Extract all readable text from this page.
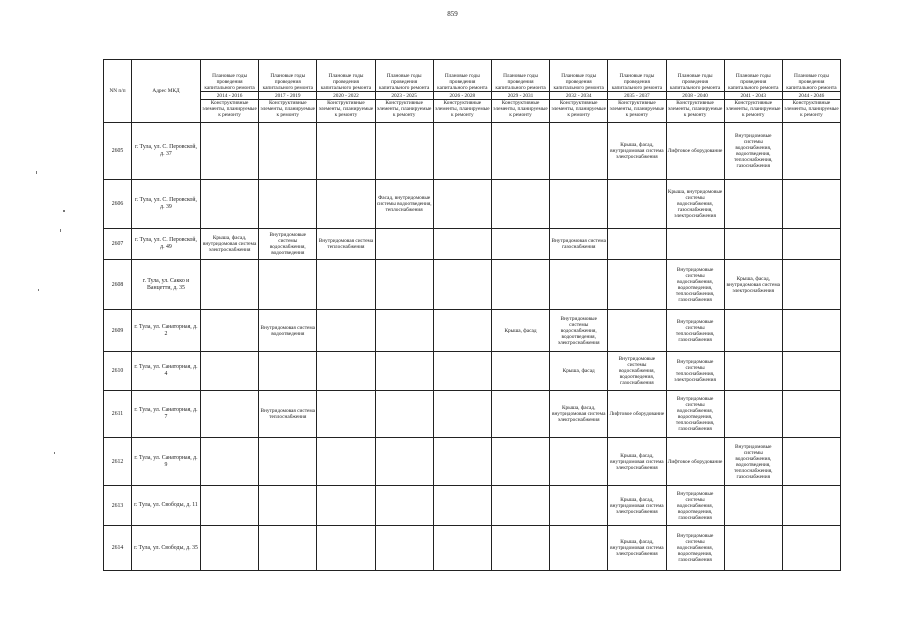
859
NN п/п	Адрес МКД	Плановые годы проведения капитального ремонта	Плановые годы проведения капитального ремонта	Плановые годы проведения капитального ремонта	Плановые годы проведения капитального ремонта	Плановые годы проведения капитального ремонта	Плановые годы проведения капитального ремонта	Плановые годы проведения капитального ремонта	Плановые годы проведения капитального ремонта	Плановые годы проведения капитального ремонта	Плановые годы проведения капитального ремонта	Плановые годы проведения капитального ремонта
		2014 - 2016	2017 - 2019	2020 - 2022	2023 - 2025	2026 - 2028	2029 - 2031	2032 - 2034	2035 - 2037	2038 - 2040	2041 - 2043	2044 - 2046
		Конструктивные элементы, планируемые к ремонту	Конструктивные элементы, планируемые к ремонту	Конструктивные элементы, планируемые к ремонту	Конструктивные элементы, планируемые к ремонту	Конструктивные элементы, планируемые к ремонту	Конструктивные элементы, планируемые к ремонту	Конструктивные элементы, планируемые к ремонту	Конструктивные элементы, планируемые к ремонту	Конструктивные элементы, планируемые к ремонту	Конструктивные элементы, планируемые к ремонту	Конструктивные элементы, планируемые к ремонту
2605	г. Тула, ул. С. Перовской, д. 37								Крыша, фасад, внутридомовая система электроснабжения	Лифтовое оборудование	Внутридомовые системы водоснабжения, водоотведения, теплоснабжения, газоснабжения	
2606	г. Тула, ул. С. Перовской, д. 39				Фасад, внутридомовые системы водоотведения, теплоснабжения					Крыша, внутридомовые системы водоснабжения, газоснабжения, электроснабжения		
2607	г. Тула, ул. С. Перовской, д. 49	Крыша, фасад, внутридомовая система электроснабжения	Внутридомовые системы водоснабжения, водоотведения	Внутридомовая система теплоснабжения				Внутридомовая система газоснабжения				
2608	г. Тула, ул. Сакко и Ванцетти, д. 35									Внутридомовые системы водоснабжения, водоотведения, теплоснабжения, газоснабжения	Крыша, фасад, внутридомовая система электроснабжения	
2609	г. Тула, ул. Санаторная, д. 2		Внутридомовая система водоотведения				Крыша, фасад	Внутридомовые системы водоснабжения, водоотведения, электроснабжения		Внутридомовые системы теплоснабжения, газоснабжения		
2610	г. Тула, ул. Санаторная, д. 4							Крыша, фасад	Внутридомовые системы водоснабжения, водоотведения, газоснабжения	Внутридомовые системы теплоснабжения, электроснабжения		
2611	г. Тула, ул. Санаторная, д. 7		Внутридомовая система теплоснабжения					Крыша, фасад, внутридомовая система электроснабжения	Лифтовое оборудование	Внутридомовые системы водоснабжения, водоотведения, теплоснабжения, газоснабжения		
2612	г. Тула, ул. Санаторная, д. 9								Крыша, фасад, внутридомовая система электроснабжения	Лифтовое оборудование	Внутридомовые системы водоснабжения, водоотведения, теплоснабжения, газоснабжения	
2613	г. Тула, ул. Свободы, д. 11								Крыша, фасад, внутридомовая система электроснабжения	Внутридомовые системы водоснабжения, водоотведения, газоснабжения		
2614	г. Тула, ул. Свободы, д. 35								Крыша, фасад, внутридомовая система электроснабжения	Внутридомовые системы водоснабжения, водоотведения, газоснабжения		
